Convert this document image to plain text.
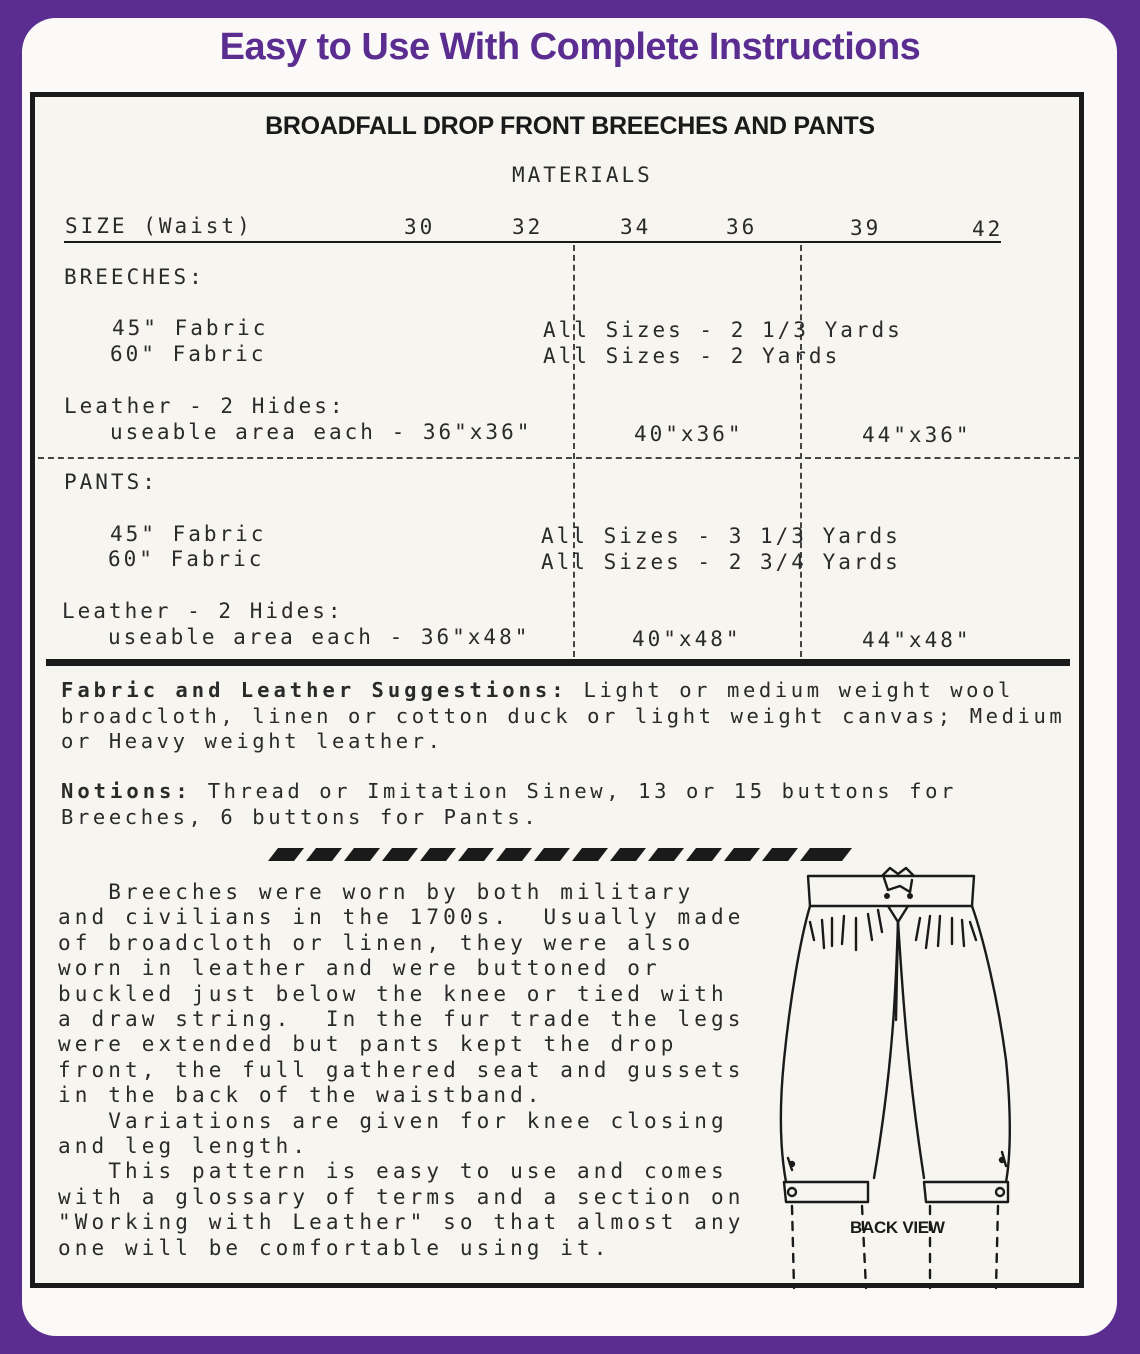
Easy to Use With Complete Instructions
BROADFALL DROP FRONT BREECHES AND PANTS
MATERIALS
SIZE (Waist)	30	32	34	36	39	42
BREECHES:
45" Fabric	All Sizes - 2 1/3 Yards
60" Fabric	All Sizes - 2 Yards
Leather - 2 Hides:
useable area each - 36"x36"	40"x36"	44"x36"
PANTS:
45" Fabric	All Sizes - 3 1/3 Yards
60" Fabric	All Sizes - 2 3/4 Yards
Leather - 2 Hides:
useable area each - 36"x48"	40"x48"	44"x48"
Fabric and Leather Suggestions: Light or medium weight wool
broadcloth, linen or cotton duck or light weight canvas; Medium
or Heavy weight leather.
Notions: Thread or Imitation Sinew, 13 or 15 buttons for
Breeches, 6 buttons for Pants.
Breeches were worn by both military
and civilians in the 1700s.  Usually made
of broadcloth or linen, they were also
worn in leather and were buttoned or
buckled just below the knee or tied with
a draw string.  In the fur trade the legs
were extended but pants kept the drop
front, the full gathered seat and gussets
in the back of the waistband.
Variations are given for knee closing
and leg length.
This pattern is easy to use and comes
with a glossary of terms and a section on
"Working with Leather" so that almost any
one will be comfortable using it.
BACK VIEW
